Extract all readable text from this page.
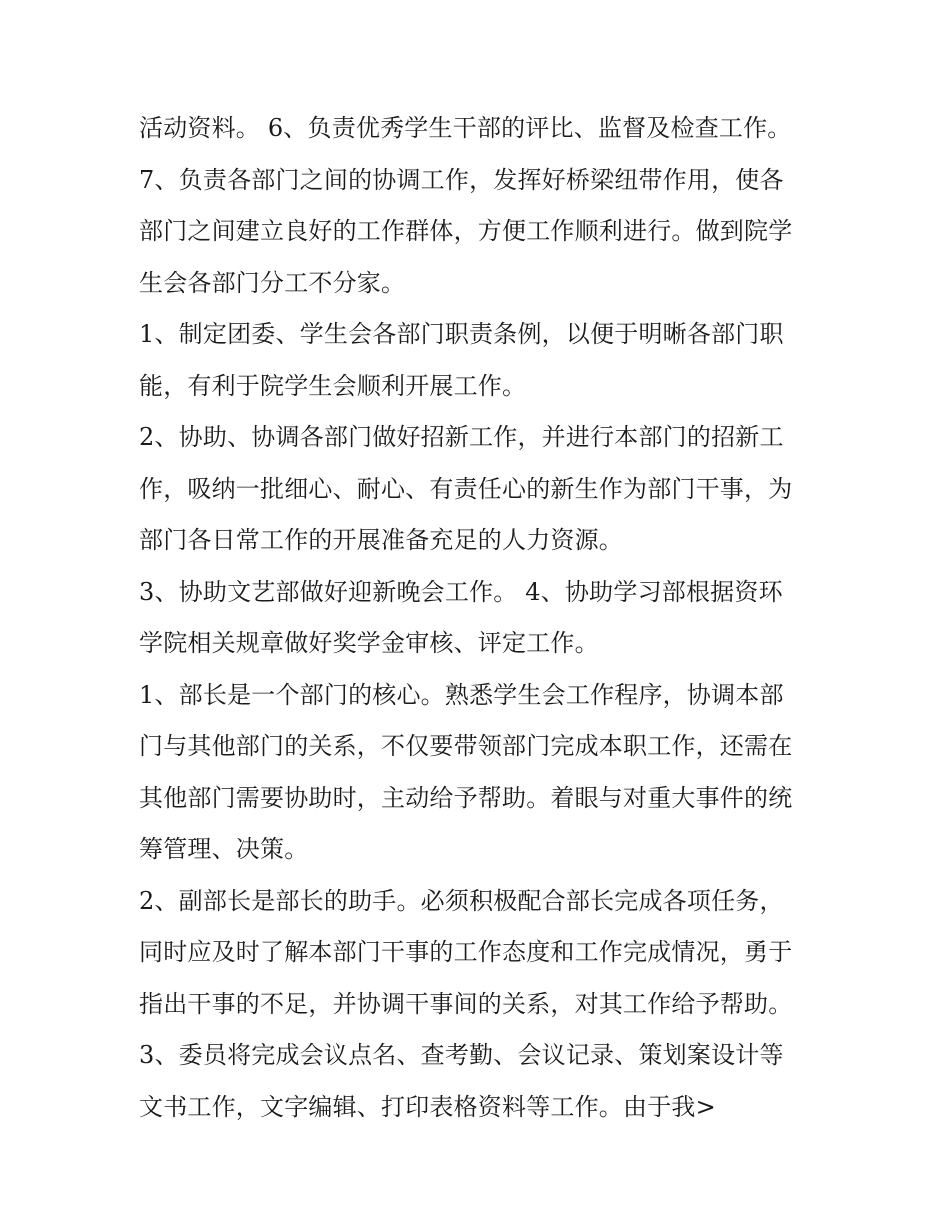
活动资料。 6、负责优秀学生干部的评比、监督及检查工作。
7、负责各部门之间的协调工作，发挥好桥梁纽带作用，使各
部门之间建立良好的工作群体，方便工作顺利进行。做到院学
生会各部门分工不分家。
1、制定团委、学生会各部门职责条例，以便于明晰各部门职
能，有利于院学生会顺利开展工作。
2、协助、协调各部门做好招新工作，并进行本部门的招新工
作，吸纳一批细心、耐心、有责任心的新生作为部门干事，为
部门各日常工作的开展准备充足的人力资源。
3、协助文艺部做好迎新晚会工作。 4、协助学习部根据资环
学院相关规章做好奖学金审核、评定工作。
1、部长是一个部门的核心。熟悉学生会工作程序，协调本部
门与其他部门的关系，不仅要带领部门完成本职工作，还需在
其他部门需要协助时，主动给予帮助。着眼与对重大事件的统
筹管理、决策。
2、副部长是部长的助手。必须积极配合部长完成各项任务，
同时应及时了解本部门干事的工作态度和工作完成情况，勇于
指出干事的不足，并协调干事间的关系，对其工作给予帮助。
3、委员将完成会议点名、查考勤、会议记录、策划案设计等
文书工作，文字编辑、打印表格资料等工作。由于我>
